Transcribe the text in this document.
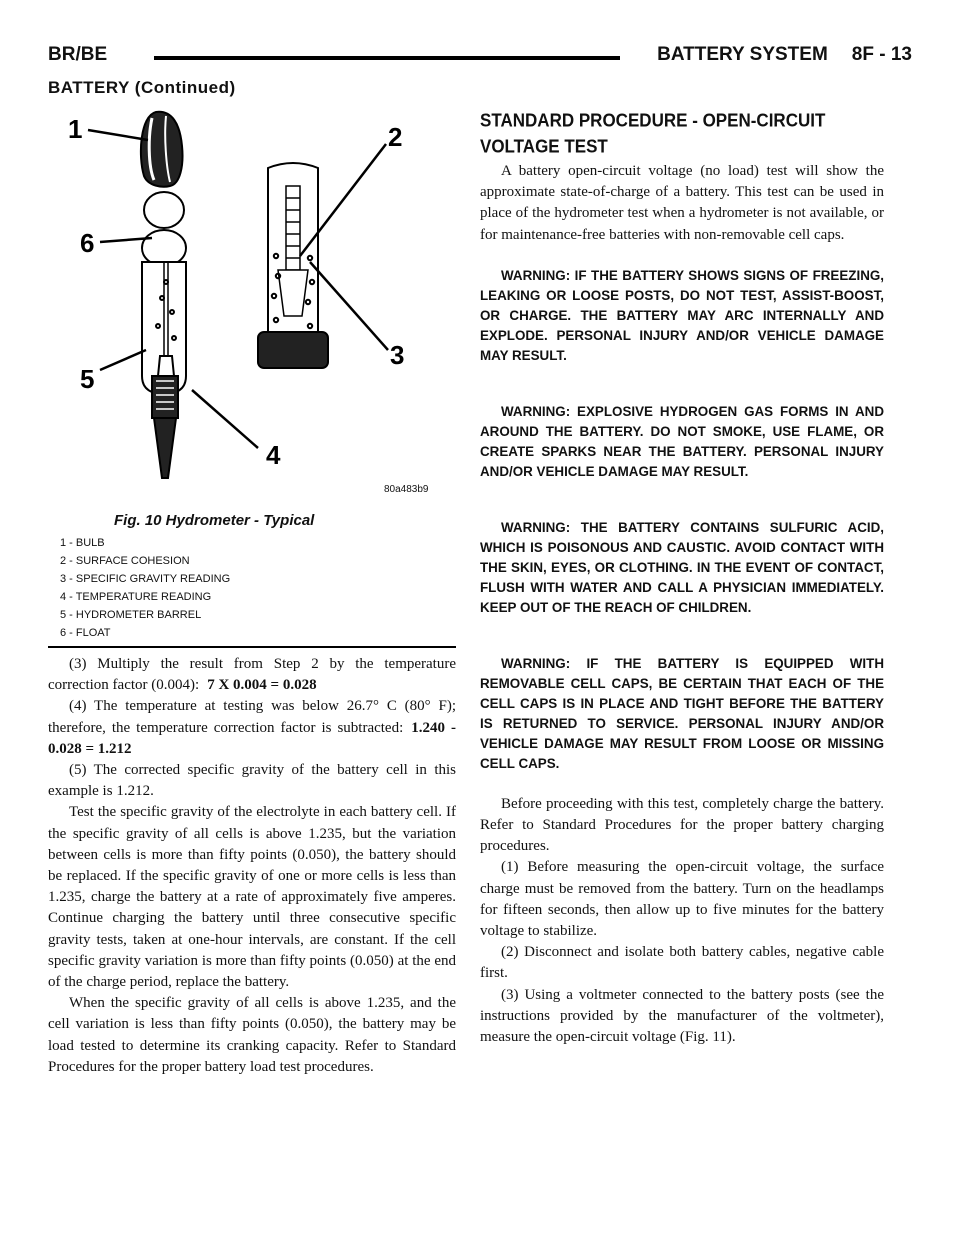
BR/BE	BATTERY SYSTEM 8F - 13
BATTERY (Continued)
1	2
3
4
5
6
80a483b9
Fig. 10 Hydrometer - Typical
1 - BULB
2 - SURFACE COHESION
3 - SPECIFIC GRAVITY READING
4 - TEMPERATURE READING
5 - HYDROMETER BARREL
6 - FLOAT

(3) Multiply the result from Step 2 by the temperature correction factor (0.004): 7 X 0.004 = 0.028

(4) The temperature at testing was below 26.7° C (80° F); therefore, the temperature correction factor is subtracted: 1.240 - 0.028 = 1.212

(5) The corrected specific gravity of the battery cell in this example is 1.212.

Test the specific gravity of the electrolyte in each battery cell. If the specific gravity of all cells is above 1.235, but the variation between cells is more than fifty points (0.050), the battery should be replaced. If the specific gravity of one or more cells is less than 1.235, charge the battery at a rate of approximately five amperes. Continue charging the battery until three consecutive specific gravity tests, taken at one-hour intervals, are constant. If the cell specific gravity variation is more than fifty points (0.050) at the end of the charge period, replace the battery.

When the specific gravity of all cells is above 1.235, and the cell variation is less than fifty points (0.050), the battery may be load tested to determine its cranking capacity. Refer to Standard Procedures for the proper battery load test procedures.

STANDARD PROCEDURE - OPEN-CIRCUIT
VOLTAGE TEST

A battery open-circuit voltage (no load) test will show the approximate state-of-charge of a battery. This test can be used in place of the hydrometer test when a hydrometer is not available, or for maintenance-free batteries with non-removable cell caps.

WARNING: IF THE BATTERY SHOWS SIGNS OF FREEZING, LEAKING OR LOOSE POSTS, DO NOT TEST, ASSIST-BOOST, OR CHARGE. THE BATTERY MAY ARC INTERNALLY AND EXPLODE. PERSONAL INJURY AND/OR VEHICLE DAMAGE MAY RESULT.

WARNING: EXPLOSIVE HYDROGEN GAS FORMS IN AND AROUND THE BATTERY. DO NOT SMOKE, USE FLAME, OR CREATE SPARKS NEAR THE BATTERY. PERSONAL INJURY AND/OR VEHICLE DAMAGE MAY RESULT.

WARNING: THE BATTERY CONTAINS SULFURIC ACID, WHICH IS POISONOUS AND CAUSTIC. AVOID CONTACT WITH THE SKIN, EYES, OR CLOTHING. IN THE EVENT OF CONTACT, FLUSH WITH WATER AND CALL A PHYSICIAN IMMEDIATELY. KEEP OUT OF THE REACH OF CHILDREN.

WARNING: IF THE BATTERY IS EQUIPPED WITH REMOVABLE CELL CAPS, BE CERTAIN THAT EACH OF THE CELL CAPS IS IN PLACE AND TIGHT BEFORE THE BATTERY IS RETURNED TO SERVICE. PERSONAL INJURY AND/OR VEHICLE DAMAGE MAY RESULT FROM LOOSE OR MISSING CELL CAPS.

Before proceeding with this test, completely charge the battery. Refer to Standard Procedures for the proper battery charging procedures.

(1) Before measuring the open-circuit voltage, the surface charge must be removed from the battery. Turn on the headlamps for fifteen seconds, then allow up to five minutes for the battery voltage to stabilize.

(2) Disconnect and isolate both battery cables, negative cable first.

(3) Using a voltmeter connected to the battery posts (see the instructions provided by the manufacturer of the voltmeter), measure the open-circuit voltage (Fig. 11).
